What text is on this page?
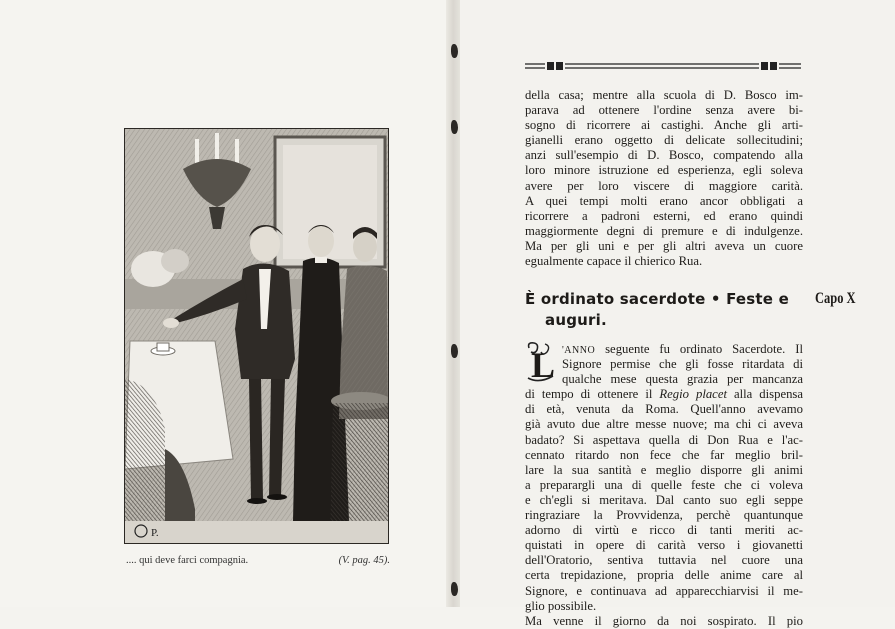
P.
.... qui deve farci compagnia.	(V. pag. 45).
della casa; mentre alla scuola di D. Bosco im-
parava ad ottenere l'ordine senza avere bi-
sogno di ricorrere ai castighi. Anche gli arti-
gianelli erano oggetto di delicate sollecitudini;
anzi sull'esempio di D. Bosco, compatendo alla
loro minore istruzione ed esperienza, egli soleva
avere per loro viscere di maggiore carità.
A quei tempi molti erano ancor obbligati a
ricorrere a padroni esterni, ed erano quindi
maggiormente degni di premure e di indulgenze.
Ma per gli uni e per gli altri aveva un cuore
egualmente capace il chierico Rua.
È ordinato sacerdote • Feste e
auguri.
Capo X
L 'ANNO seguente fu ordinato Sacerdote. Il
Signore permise che gli fosse ritardata di
qualche mese questa grazia per mancanza
di tempo di ottenere il Regio placet alla dispensa
di età, venuta da Roma. Quell'anno avevamo
già avuto due altre messe nuove; ma chi ci aveva
badato? Si aspettava quella di Don Rua e l'ac-
cennato ritardo non fece che far meglio bril-
lare la sua santità e meglio disporre gli animi
a preparargli una di quelle feste che ci voleva
e ch'egli si meritava. Dal canto suo egli seppe
ringraziare la Provvidenza, perchè quantunque
adorno di virtù e ricco di tanti meriti ac-
quistati in opere di carità verso i giovanetti
dell'Oratorio, sentiva tuttavia nel cuore una
certa trepidazione, propria delle anime care al
Signore, e continuava ad apparecchiarvisi il me-
glio possibile.
Ma venne il giorno da noi sospirato. Il pio
